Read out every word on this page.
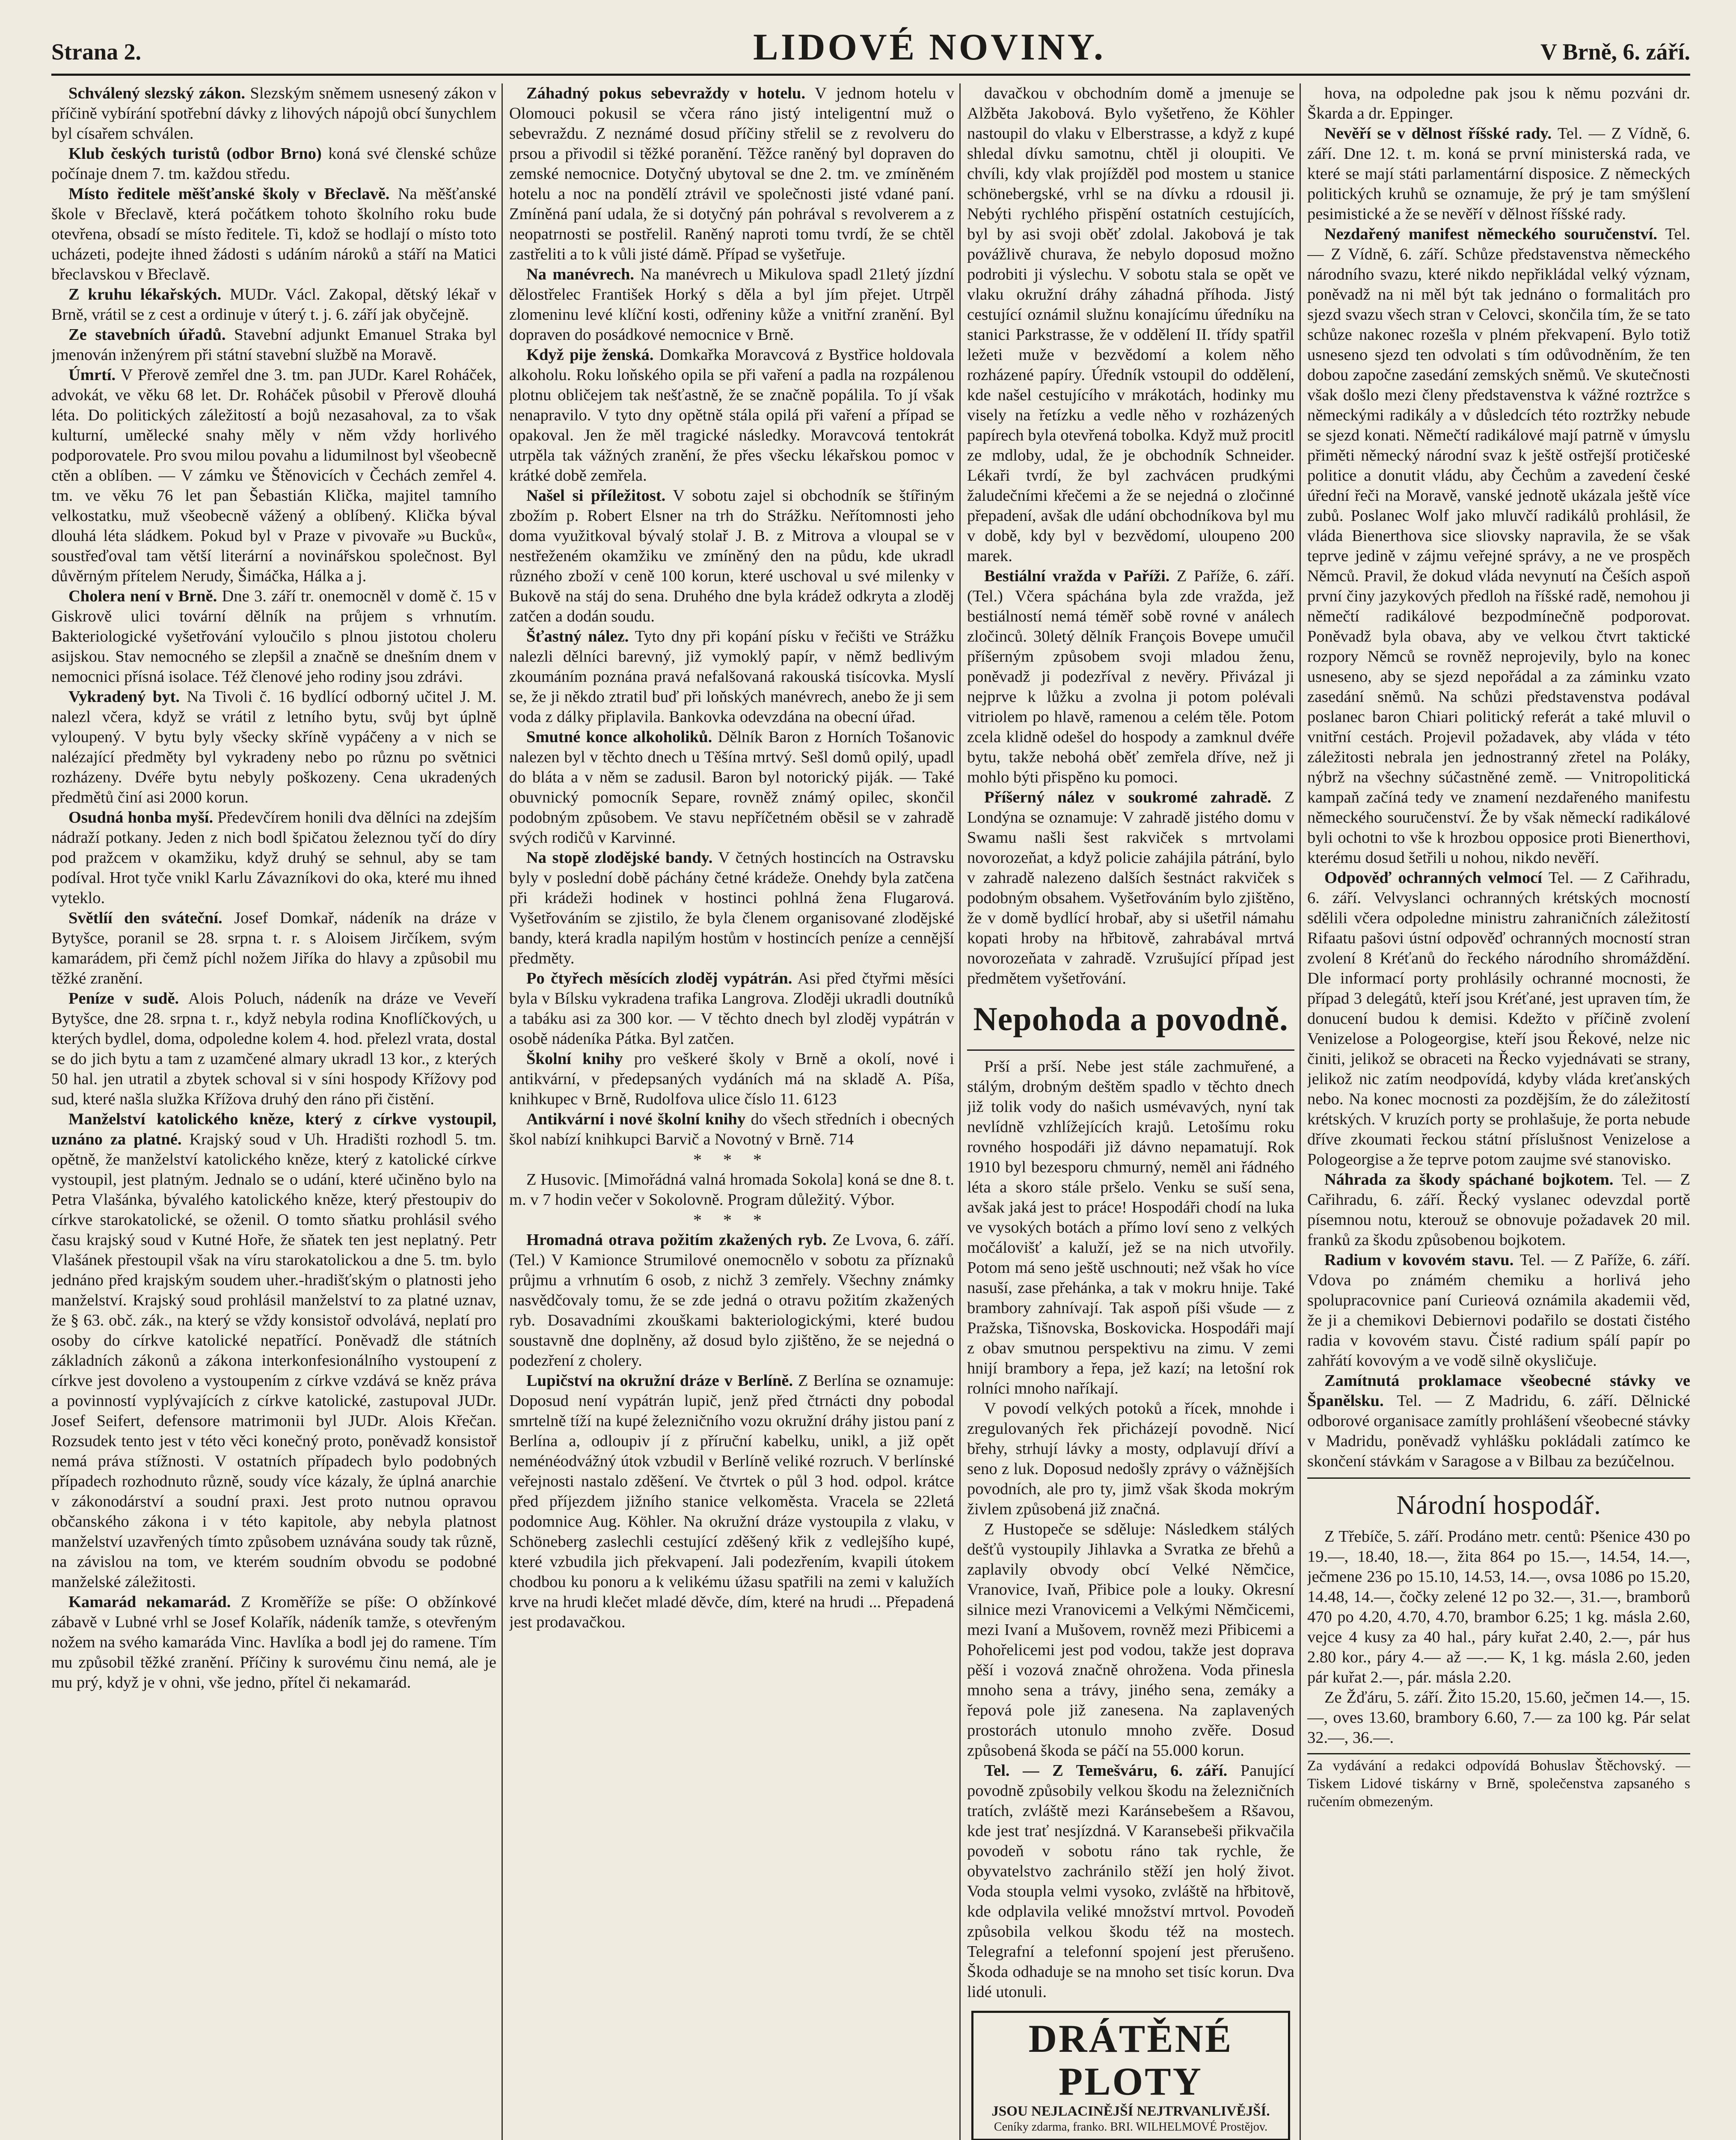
Strana 2.	LIDOVÉ NOVINY.	V Brně, 6. září.

Schválený slezský zákon. Slezským sněmem usnesený zákon v příčině vybírání spotřební dávky z lihových nápojů obcí šunychlem byl císařem schválen.

Klub českých turistů (odbor Brno) koná své členské schůze počínaje dnem 7. tm. každou středu.

Místo ředitele měšťanské školy v Břeclavě. Na měšťanské škole v Břeclavě, která počátkem tohoto školního roku bude otevřena, obsadí se místo ředitele. Ti, kdož se hodlají o místo toto ucházeti, podejte ihned žádosti s udáním nároků a stáří na Matici břeclavskou v Břeclavě.

Z kruhu lékařských. MUDr. Václ. Zakopal, dětský lékař v Brně, vrátil se z cest a ordinuje v úterý t. j. 6. září jak obyčejně.

Ze stavebních úřadů. Stavební adjunkt Emanuel Straka byl jmenován inženýrem při státní stavební službě na Moravě.

Úmrtí. V Přerově zemřel dne 3. tm. pan JUDr. Karel Roháček, advokát, ve věku 68 let. Dr. Roháček působil v Přerově dlouhá léta. Do politických záležitostí a bojů nezasahoval, za to však kulturní, umělecké snahy měly v něm vždy horlivého podporovatele. Pro svou milou povahu a lidumilnost byl všeobecně ctěn a oblíben. — V zámku ve Štěnovicích v Čechách zemřel 4. tm. ve věku 76 let pan Šebastián Klička, majitel tamního velkostatku, muž všeobecně vážený a oblíbený. Klička býval dlouhá léta sládkem. Pokud byl v Praze v pivovaře »u Bucků«, soustřeďoval tam větší literární a novinářskou společnost. Byl důvěrným přítelem Nerudy, Šimáčka, Hálka a j.

Cholera není v Brně. Dne 3. září tr. onemocněl v domě č. 15 v Giskrově ulici tovární dělník na průjem s vrhnutím. Bakteriologické vyšetřování vyloučilo s plnou jistotou choleru asijskou. Stav nemocného se zlepšil a značně se dnešním dnem v nemocnici přísná isolace. Též členové jeho rodiny jsou zdrávi.

Vykradený byt. Na Tivoli č. 16 bydlící odborný učitel J. M. nalezl včera, když se vrátil z letního bytu, svůj byt úplně vyloupený. V bytu byly všecky skříně vypáčeny a v nich se nalézající předměty byl vykradeny nebo po různu po světnici rozházeny. Dvéře bytu nebyly poškozeny. Cena ukradených předmětů činí asi 2000 korun.

Osudná honba myší. Předevčírem honili dva dělníci na zdejším nádraží potkany. Jeden z nich bodl špičatou železnou tyčí do díry pod pražcem v okamžiku, když druhý se sehnul, aby se tam podíval. Hrot tyče vnikl Karlu Závazníkovi do oka, které mu ihned vyteklo.

Světlíí den sváteční. Josef Domkař, nádeník na dráze v Bytyšce, poranil se 28. srpna t. r. s Aloisem Jirčíkem, svým kamarádem, při čemž píchl nožem Jiříka do hlavy a způsobil mu těžké zranění.

Peníze v sudě. Alois Poluch, nádeník na dráze ve Veveří Bytyšce, dne 28. srpna t. r., když nebyla rodina Knoflíčkových, u kterých bydlel, doma, odpoledne kolem 4. hod. přelezl vrata, dostal se do jich bytu a tam z uzamčené almary ukradl 13 kor., z kterých 50 hal. jen utratil a zbytek schoval si v síni hospody Křížovy pod sud, které našla služka Křížova druhý den ráno při čistění.

Manželství katolického kněze, který z církve vystoupil, uznáno za platné. Krajský soud v Uh. Hradišti rozhodl 5. tm. opětně, že manželství katolického kněze, který z katolické církve vystoupil, jest platným. Jednalo se o udání, které učiněno bylo na Petra Vlašánka, bývalého katolického kněze, který přestoupiv do církve starokatolické, se oženil. O tomto sňatku prohlásil svého času krajský soud v Kutné Hoře, že sňatek ten jest neplatný. Petr Vlašánek přestoupil však na víru starokatolickou a dne 5. tm. bylo jednáno před krajským soudem uher.-hradišťským o platnosti jeho manželství. Krajský soud prohlásil manželství to za platné uznav, že § 63. obč. zák., na který se vždy konsistoř odvolává, neplatí pro osoby do církve katolické nepatřící. Poněvadž dle státních základních zákonů a zákona interkonfesionálního vystoupení z církve jest dovoleno a vystoupením z církve vzdává se kněz práva a povinností vyplývajících z církve katolické, zastupoval JUDr. Josef Seifert, defensore matrimonii byl JUDr. Alois Křečan. Rozsudek tento jest v této věci konečný proto, poněvadž konsistoř nemá práva stížnosti. V ostatních případech bylo podobných případech rozhodnuto různě, soudy více kázaly, že úplná anarchie v zákonodárství a soudní praxi. Jest proto nutnou opravou občanského zákona i v této kapitole, aby nebyla platnost manželství uzavřených tímto způsobem uznávána soudy tak různě, na závislou na tom, ve kterém soudním obvodu se podobné manželské záležitosti.

Kamarád nekamarád. Z Kroměříže se píše: O obžínkové zábavě v Lubné vrhl se Josef Kolařík, nádeník tamže, s otevřeným nožem na svého kamaráda Vinc. Havlíka a bodl jej do ramene. Tím mu způsobil těžké zranění. Příčiny k surovému činu nemá, ale je mu prý, když je v ohni, vše jedno, přítel či nekamarád.

Záhadný pokus sebevraždy v hotelu. V jednom hotelu v Olomouci pokusil se včera ráno jistý inteligentní muž o sebevraždu. Z neznámé dosud příčiny střelil se z revolveru do prsou a přivodil si těžké poranění. Těžce raněný byl dopraven do zemské nemocnice. Dotyčný ubytoval se dne 2. tm. ve zmíněném hotelu a noc na pondělí ztrávil ve společnosti jisté vdané paní. Zmíněná paní udala, že si dotyčný pán pohrával s revolverem a z neopatrnosti se postřelil. Raněný naproti tomu tvrdí, že se chtěl zastřeliti a to k vůli jisté dámě. Případ se vyšetřuje.

Na manévrech. Na manévrech u Mikulova spadl 21letý jízdní dělostřelec František Horký s děla a byl jím přejet. Utrpěl zlomeninu levé klíční kosti, odřeniny kůže a vnitřní zranění. Byl dopraven do posádkové nemocnice v Brně.

Když pije ženská. Domkařka Moravcová z Bystřice holdovala alkoholu. Roku loňského opila se při vaření a padla na rozpálenou plotnu obličejem tak nešťastně, že se značně popálila. To jí však nenapravilo. V tyto dny opětně stála opilá při vaření a případ se opakoval. Jen že měl tragické následky. Moravcová tentokrát utrpěla tak vážných zranění, že přes všecku lékařskou pomoc v krátké době zemřela.

Našel si příležitost. V sobotu zajel si obchodník se štířiným zbožím p. Robert Elsner na trh do Strážku. Neřítomnosti jeho doma využitkoval bývalý stolař J. B. z Mitrova a vloupal se v nestřeženém okamžiku ve zmíněný den na půdu, kde ukradl různého zboží v ceně 100 korun, které uschoval u své milenky v Bukově na stáj do sena. Druhého dne byla krádež odkryta a zloděj zatčen a dodán soudu.

Šťastný nález. Tyto dny při kopání písku v řečišti ve Strážku nalezli dělníci barevný, již vymoklý papír, v němž bedlivým zkoumáním poznána pravá nefalšovaná rakouská tisícovka. Myslí se, že ji někdo ztratil buď při loňských manévrech, anebo že ji sem voda z dálky připlavila. Bankovka odevzdána na obecní úřad.

Smutné konce alkoholiků. Dělník Baron z Horních Tošanovic nalezen byl v těchto dnech u Těšína mrtvý. Sešl domů opilý, upadl do bláta a v něm se zadusil. Baron byl notorický piják. — Také obuvnický pomocník Separe, rovněž známý opilec, skončil podobným způsobem. Ve stavu nepříčetném oběsil se v zahradě svých rodičů v Karvinné.

Na stopě zlodějské bandy. V četných hostincích na Ostravsku byly v poslední době páchány četné krádeže. Onehdy byla zatčena při krádeži hodinek v hostinci pohlná žena Flugarová. Vyšetřováním se zjistilo, že byla členem organisované zlodějské bandy, která kradla napilým hostům v hostincích peníze a cennější předměty.

Po čtyřech měsících zloděj vypátrán. Asi před čtyřmi měsíci byla v Bílsku vykradena trafika Langrova. Zloději ukradli doutníků a tabáku asi za 300 kor. — V těchto dnech byl zloděj vypátrán v osobě nádeníka Pátka. Byl zatčen.

Školní knihy pro veškeré školy v Brně a okolí, nové i antikvární, v předepsaných vydáních má na skladě A. Píša, knihkupec v Brně, Rudolfova ulice číslo 11. 6123

Antikvární i nové školní knihy do všech středních i obecných škol nabízí knihkupci Barvič a Novotný v Brně. 714

* * *

Z Husovic. [Mimořádná valná hromada Sokola] koná se dne 8. t. m. v 7 hodin večer v Sokolovně. Program důležitý. Výbor.

* * *

Hromadná otrava požitím zkažených ryb. Ze Lvova, 6. září. (Tel.) V Kamionce Strumilové onemocnělo v sobotu za příznaků průjmu a vrhnutím 6 osob, z nichž 3 zemřely. Všechny známky nasvědčovaly tomu, že se zde jedná o otravu požitím zkažených ryb. Dosavadními zkouškami bakteriologickými, které budou soustavně dne doplněny, až dosud bylo zjištěno, že se nejedná o podezření z cholery.

Lupičství na okružní dráze v Berlíně. Z Berlína se oznamuje: Doposud není vypátrán lupič, jenž před čtrnácti dny pobodal smrtelně tíží na kupé železničního vozu okružní dráhy jistou paní z Berlína a, odloupiv jí z příruční kabelku, unikl, a již opět neménéodvážný útok vzbudil v Berlíně veliké rozruch. V berlínské veřejnosti nastalo zděšení. Ve čtvrtek o půl 3 hod. odpol. krátce před příjezdem jižního stanice velkoměsta. Vracela se 22letá podomnice Aug. Köhler. Na okružní dráze vystoupila z vlaku, v Schöneberg zaslechli cestující zděšený křik z vedlejšího kupé, které vzbudila jich překvapení. Jali podezřením, kvapili útokem chodbou ku ponoru a k velikému úžasu spatřili na zemi v kalužích krve na hrudi klečet mladé děvče, dím, které na hrudi ... Přepadená jest prodavačkou.

davačkou v obchodním domě a jmenuje se Alžběta Jakobová. Bylo vyšetřeno, že Köhler nastoupil do vlaku v Elberstrasse, a když z kupé shledal dívku samotnu, chtěl ji oloupiti. Ve chvíli, kdy vlak projížděl pod mostem u stanice schönebergské, vrhl se na dívku a rdousil ji. Nebýti rychlého přispění ostatních cestujících, byl by asi svoji oběť zdolal. Jakobová je tak povážlivě churava, že nebylo doposud možno podrobiti ji výslechu. V sobotu stala se opět ve vlaku okružní dráhy záhadná příhoda. Jistý cestující oznámil služnu konajícímu úředníku na stanici Parkstrasse, že v oddělení II. třídy spatřil ležeti muže v bezvědomí a kolem něho rozházené papíry. Úředník vstoupil do oddělení, kde našel cestujícího v mrákotách, hodinky mu visely na řetízku a vedle něho v rozházených papírech byla otevřená tobolka. Když muž procitl ze mdloby, udal, že je obchodník Schneider. Lékaři tvrdí, že byl zachvácen prudkými žaludečními křečemi a že se nejedná o zločinné přepadení, avšak dle udání obchodníkova byl mu v době, kdy byl v bezvědomí, uloupeno 200 marek.

Bestiální vražda v Paříži. Z Paříže, 6. září. (Tel.) Včera spáchána byla zde vražda, jež bestiálností nemá téměř sobě rovné v análech zločinců. 30letý dělník François Bovepe umučil příšerným způsobem svoji mladou ženu, poněvadž ji podezříval z nevěry. Přivázal ji nejprve k lůžku a zvolna ji potom polévali vitriolem po hlavě, ramenou a celém těle. Potom zcela klidně odešel do hospody a zamknul dvéře bytu, takže nebohá oběť zemřela dříve, než ji mohlo býti přispěno ku pomoci.

Příšerný nález v soukromé zahradě. Z Londýna se oznamuje: V zahradě jistého domu v Swamu našli šest rakviček s mrtvolami novorozeňat, a když policie zahájila pátrání, bylo v zahradě nalezeno dalších šestnáct rakviček s podobným obsahem. Vyšetřováním bylo zjištěno, že v domě bydlící hrobař, aby si ušetřil námahu kopati hroby na hřbitově, zahrabával mrtvá novorozeňata v zahradě. Vzrušující případ jest předmětem vyšetřování.

Nepohoda a povodně.

Prší a prší. Nebe jest stále zachmuřené, a stálým, drobným deštěm spadlo v těchto dnech již tolik vody do našich usmévavých, nyní tak nevlídně vzhlížejících krajů. Letošímu roku rovného hospodáři již dávno nepamatují. Rok 1910 byl bezesporu chmurný, neměl ani řádného léta a skoro stále pršelo. Venku se suší sena, avšak jaká jest to práce! Hospodáři chodí na luka ve vysokých botách a přímo loví seno z velkých močálovišť a kaluží, jež se na nich utvořily. Potom má seno ještě uschnouti; než však ho více nasuší, zase přehánka, a tak v mokru hnije. Také brambory zahnívají. Tak aspoň píši všude — z Pražska, Tišnovska, Boskovicka. Hospodáři mají z obav smutnou perspektivu na zimu. V zemi hnijí brambory a řepa, jež kazí; na letošní rok rolníci mnoho naříkají.

V povodí velkých potoků a řícek, mnohde i zregulovaných řek přicházejí povodně. Nicí břehy, strhují lávky a mosty, odplavují dříví a seno z luk. Doposud nedošly zprávy o vážnějších povodních, ale pro ty, jimž však škoda mokrým živlem způsobená již značná.

Z Hustopeče se sděluje: Následkem stálých dešťů vystoupily Jihlavka a Svratka ze břehů a zaplavily obvody obcí Velké Němčice, Vranovice, Ivaň, Přibice pole a louky. Okresní silnice mezi Vranovicemi a Velkými Němčicemi, mezi Ivaní a Mušovem, rovněž mezi Přibicemi a Pohořelicemi jest pod vodou, takže jest doprava pěší i vozová značně ohrožena. Voda přinesla mnoho sena a trávy, jiného sena, zemáky a řepová pole již zanesena. Na zaplavených prostorách utonulo mnoho zvěře. Dosud způsobená škoda se páčí na 55.000 korun.

Tel. — Z Temešváru, 6. září. Panující povodně způsobily velkou škodu na železničních tratích, zvláště mezi Karánsebešem a Ršavou, kde jest trať nesjízdná. V Karansebeši přikvačila povodeň v sobotu ráno tak rychle, že obyvatelstvo zachránilo stěží jen holý život. Voda stoupla velmi vysoko, zvláště na hřbitově, kde odplavila veliké množství mrtvol. Povodeň způsobila velkou škodu též na mostech. Telegrafní a telefonní spojení jest přerušeno. Škoda odhaduje se na mnoho set tisíc korun. Dva lidé utonuli.

DRÁTĚNÉ PLOTY
JSOU NEJLACINĚJŠÍ NEJTRVANLIVĚJŠÍ.
Ceníky zdarma, franko. BRI. WILHELMOVÉ Prostějov.

hova, na odpoledne pak jsou k němu pozváni dr. Škarda a dr. Eppinger.

Nevěří se v dělnost říšské rady. Tel. — Z Vídně, 6. září. Dne 12. t. m. koná se první ministerská rada, ve které se mají státi parlamentární disposice. Z německých politických kruhů se oznamuje, že prý je tam smýšlení pesimistické a že se nevěří v dělnost říšské rady.

Nezdařený manifest německého souručenství. Tel. — Z Vídně, 6. září. Schůze představenstva německého národního svazu, které nikdo nepřikládal velký význam, poněvadž na ni měl být tak jednáno o formalitách pro sjezd svazu všech stran v Celovci, skončila tím, že se tato schůze nakonec rozešla v plném překvapení. Bylo totiž usneseno sjezd ten odvolati s tím odůvodněním, že ten dobou započne zasedání zemských sněmů. Ve skutečnosti však došlo mezi členy představenstva k vážné roztržce s německými radikály a v důsledcích této roztržky nebude se sjezd konati. Němečtí radikálové mají patrně v úmyslu přiměti německý národní svaz k ještě ostřejší protičeské politice a donutit vládu, aby Čechům a zavedení české úřední řeči na Moravě, vanské jednotě ukázala ještě více zubů. Poslanec Wolf jako mluvčí radikálů prohlásil, že vláda Bienerthova sice sliovsky napravila, že se však teprve jedině v zájmu veřejné správy, a ne ve prospěch Němců. Pravil, že dokud vláda nevynutí na Češích aspoň první činy jazykových předloh na říšské radě, nemohou ji němečtí radikálové bezpodmínečně podporovat. Poněvadž byla obava, aby ve velkou čtvrt taktické rozpory Němců se rovněž neprojevily, bylo na konec usneseno, aby se sjezd nepořádal a za záminku vzato zasedání sněmů. Na schůzi představenstva podával poslanec baron Chiari politický referát a také mluvil o vnitřní cestách. Projevil požadavek, aby vláda v této záležitosti nebrala jen jednostranný zřetel na Poláky, nýbrž na všechny súčastněné země. — Vnitropolitická kampaň začíná tedy ve znamení nezdařeného manifestu německého souručenství. Že by však německí radikálové byli ochotni to vše k hrozbou opposice proti Bienerthovi, kterému dosud šetřili u nohou, nikdo nevěří.

Odpověď ochranných velmocí Tel. — Z Cařihradu, 6. září. Velvyslanci ochranných krétských mocností sdělili včera odpoledne ministru zahraničních záležitostí Rifaatu pašovi ústní odpověď ochranných mocností stran zvolení 8 Kréťanů do řeckého národního shromáždění. Dle informací porty prohlásily ochranné mocnosti, že případ 3 delegátů, kteří jsou Kréťané, jest upraven tím, že donucení budou k demisi. Kdežto v příčině zvolení Venizelose a Pologeorgise, kteří jsou Řekové, nelze nic činiti, jelikož se obraceti na Řecko vyjednávati se strany, jelikož nic zatím neodpovídá, kdyby vláda kreťanských nebo. Na konec mocnosti za pozdějším, že do záležitostí krétských. V kruzích porty se prohlašuje, že porta nebude dříve zkoumati řeckou státní příslušnost Venizelose a Pologeorgise a že teprve potom zaujme své stanovisko.

Náhrada za škody spáchané bojkotem. Tel. — Z Cařihradu, 6. září. Řecký vyslanec odevzdal portě písemnou notu, kterouž se obnovuje požadavek 20 mil. franků za škodu způsobenou bojkotem.

Radium v kovovém stavu. Tel. — Z Paříže, 6. září. Vdova po známém chemiku a horlivá jeho spolupracovnice paní Curieová oznámila akademii věd, že ji a chemikovi Debiernovi podařilo se dostati čistého radia v kovovém stavu. Čisté radium spálí papír po zahřátí kovovým a ve vodě silně okysličuje.

Zamítnutá proklamace všeobecné stávky ve Španělsku. Tel. — Z Madridu, 6. září. Dělnické odborové organisace zamítly prohlášení všeobecné stávky v Madridu, poněvadž vyhlášku pokládali zatímco ke skončení stávkám v Saragose a v Bilbau za bezúčelnou.

Národní hospodář.

Z Třebíče, 5. září. Prodáno metr. centů: Pšenice 430 po 19.—, 18.40, 18.—, žita 864 po 15.—, 14.54, 14.—, ječmene 236 po 15.10, 14.53, 14.—, ovsa 1086 po 15.20, 14.48, 14.—, čočky zelené 12 po 32.—, 31.—, bramborů 470 po 4.20, 4.70, 4.70, brambor 6.25; 1 kg. másla 2.60, vejce 4 kusy za 40 hal., páry kuřat 2.40, 2.—, pár hus 2.80 kor., páry 4.— až —.— K, 1 kg. másla 2.60, jeden pár kuřat 2.—, pár. másla 2.20.

Ze Žďáru, 5. září. Žito 15.20, 15.60, ječmen 14.—, 15.—, oves 13.60, brambory 6.60, 7.— za 100 kg. Pár selat 32.—, 36.—.

Za vydávání a redakci odpovídá Bohuslav Štěchovský. — Tiskem Lidové tiskárny v Brně, společenstva zapsaného s ručením obmezeným.
